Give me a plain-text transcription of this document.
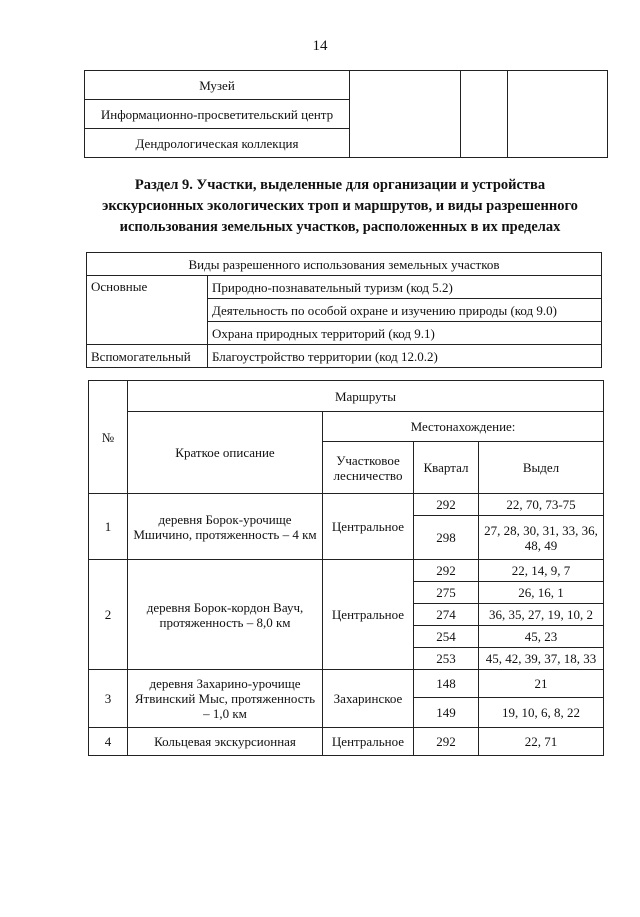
14
Музей			
Информационно-просветительский центр
Дендрологическая коллекция
Раздел 9. Участки, выделенные для организации и устройства
экскурсионных экологических троп и маршрутов, и виды разрешенного
использования земельных участков, расположенных в их пределах
Виды разрешенного использования земельных участков	
Основные	Природно-познавательный туризм (код 5.2)
	Деятельность по особой охране и изучению природы (код 9.0)
	Охрана природных территорий (код 9.1)
Вспомогательный	Благоустройство территории (код 12.0.2)
№	Маршруты			
	Краткое описание	Местонахождение:		
		Участковое лесничество	Квартал	Выдел
1	деревня Борок-урочище Мшичино, протяженность – 4 км	Центральное	292	22, 70, 73-75
			298	27, 28, 30, 31, 33, 36, 48, 49
2	деревня Борок-кордон Вауч, протяженность – 8,0 км	Центральное	292	22, 14, 9, 7
			275	26, 16, 1
			274	36, 35, 27, 19, 10, 2
			254	45, 23
			253	45, 42, 39, 37, 18, 33
3	деревня Захарино-урочище Ятвинский Мыс, протяженность – 1,0 км	Захаринское	148	21
			149	19, 10, 6, 8, 22
4	Кольцевая экскурсионная	Центральное	292	22, 71
